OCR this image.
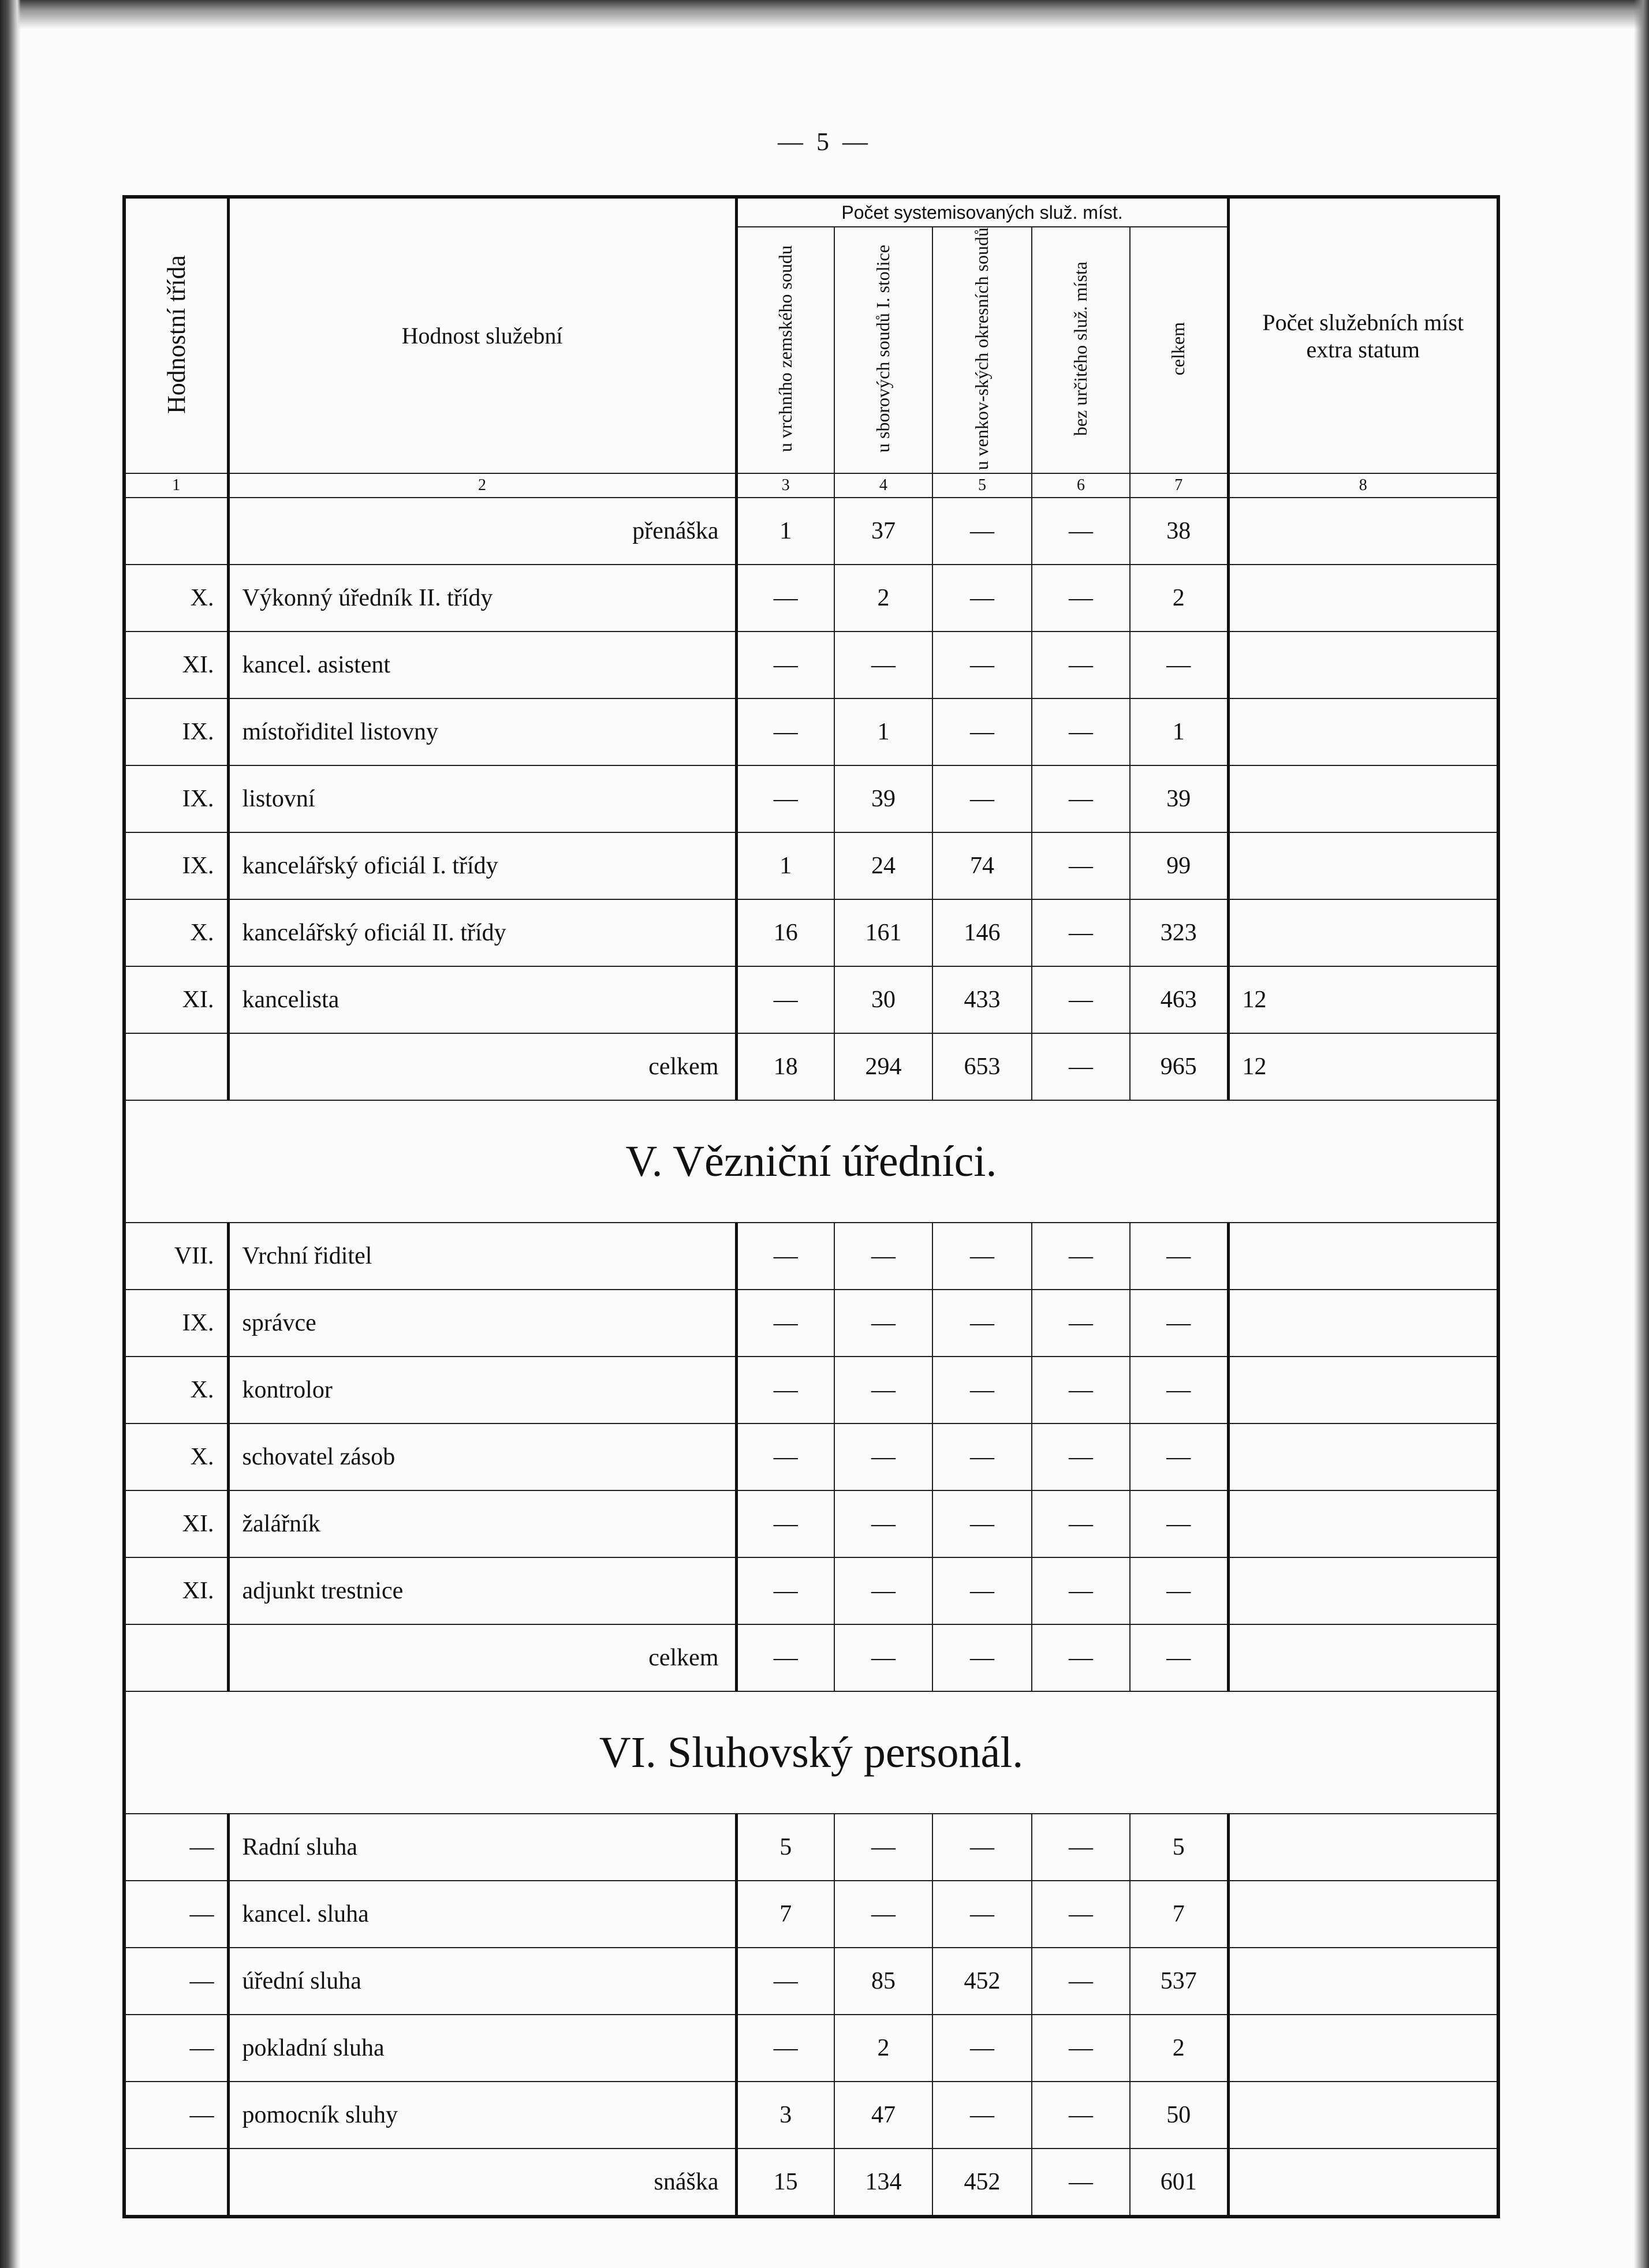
— 5 —
Hodnostní třída	Hodnost služební	Počet systemisovaných služ. míst.					Počet služebních míst extra statum
		u vrchního zemského soudu	u sborových soudů I. stolice	u venkov-ských okresních soudů	bez určitého služ. místa	celkem	
1	2	3	4	5	6	7	8
	přenáška	1	37	—	—	38	
X.	Výkonný úředník II. třídy	—	2	—	—	2	
XI.	kancel. asistent	—	—	—	—	—	
IX.	místořiditel listovny	—	1	—	—	1	
IX.	listovní	—	39	—	—	39	
IX.	kancelářský oficiál I. třídy	1	24	74	—	99	
X.	kancelářský oficiál II. třídy	16	161	146	—	323	
XI.	kancelista	—	30	433	—	463	12
	celkem	18	294	653	—	965	12
V. Vězniční úředníci.							
VII.	Vrchní řiditel	—	—	—	—	—	
IX.	správce	—	—	—	—	—	
X.	kontrolor	—	—	—	—	—	
X.	schovatel zásob	—	—	—	—	—	
XI.	žalářník	—	—	—	—	—	
XI.	adjunkt trestnice	—	—	—	—	—	
	celkem	—	—	—	—	—	
VI. Sluhovský personál.							
—	Radní sluha	5	—	—	—	5	
—	kancel. sluha	7	—	—	—	7	
—	úřední sluha	—	85	452	—	537	
—	pokladní sluha	—	2	—	—	2	
—	pomocník sluhy	3	47	—	—	50	
	snáška	15	134	452	—	601	
